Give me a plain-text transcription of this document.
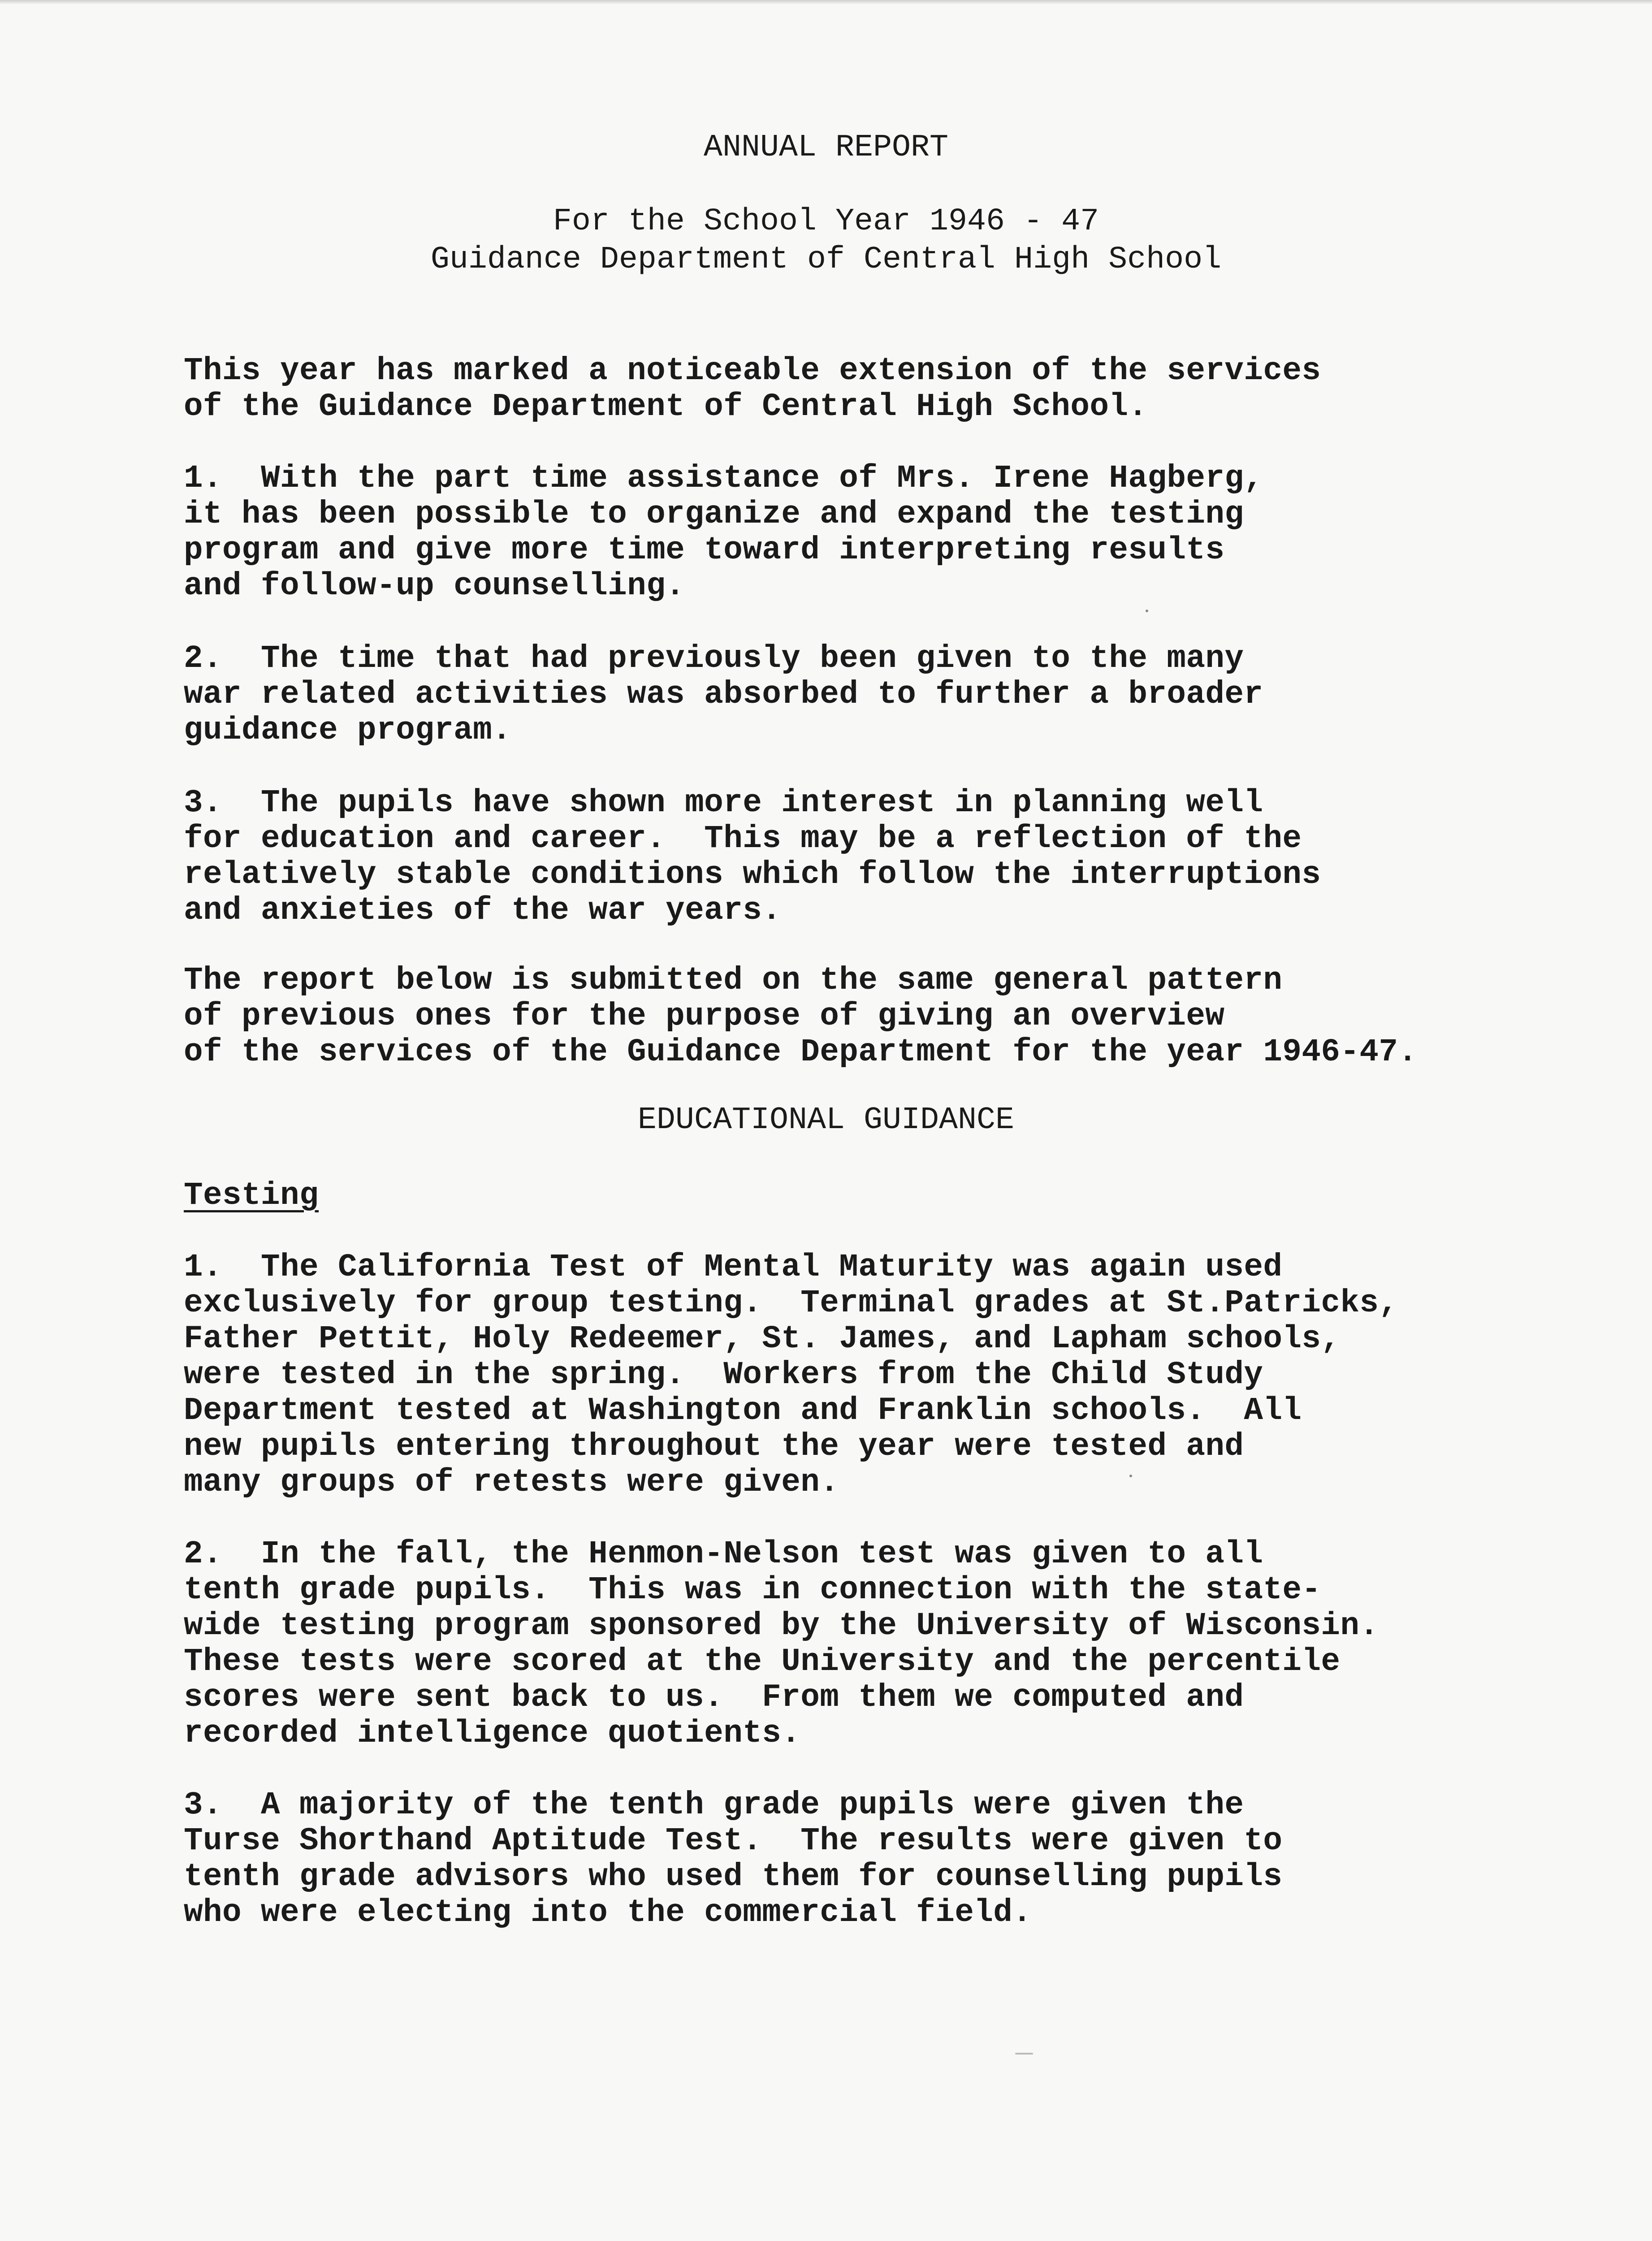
ANNUAL REPORT

For the School Year 1946 - 47

Guidance Department of Central High School

This year has marked a noticeable extension of the services

of the Guidance Department of Central High School.

1.  With the part time assistance of Mrs. Irene Hagberg,

it has been possible to organize and expand the testing

program and give more time toward interpreting results

and follow-up counselling.

2.  The time that had previously been given to the many

war related activities was absorbed to further a broader

guidance program.

3.  The pupils have shown more interest in planning well

for education and career.  This may be a reflection of the

relatively stable conditions which follow the interruptions

and anxieties of the war years.

The report below is submitted on the same general pattern

of previous ones for the purpose of giving an overview

of the services of the Guidance Department for the year 1946-47.

EDUCATIONAL GUIDANCE

Testing

1.  The California Test of Mental Maturity was again used

exclusively for group testing.  Terminal grades at St.Patricks,

Father Pettit, Holy Redeemer, St. James, and Lapham schools,

were tested in the spring.  Workers from the Child Study

Department tested at Washington and Franklin schools.  All

new pupils entering throughout the year were tested and

many groups of retests were given.

2.  In the fall, the Henmon-Nelson test was given to all

tenth grade pupils.  This was in connection with the state-

wide testing program sponsored by the University of Wisconsin.

These tests were scored at the University and the percentile

scores were sent back to us.  From them we computed and

recorded intelligence quotients.

3.  A majority of the tenth grade pupils were given the

Turse Shorthand Aptitude Test.  The results were given to

tenth grade advisors who used them for counselling pupils

who were electing into the commercial field.
